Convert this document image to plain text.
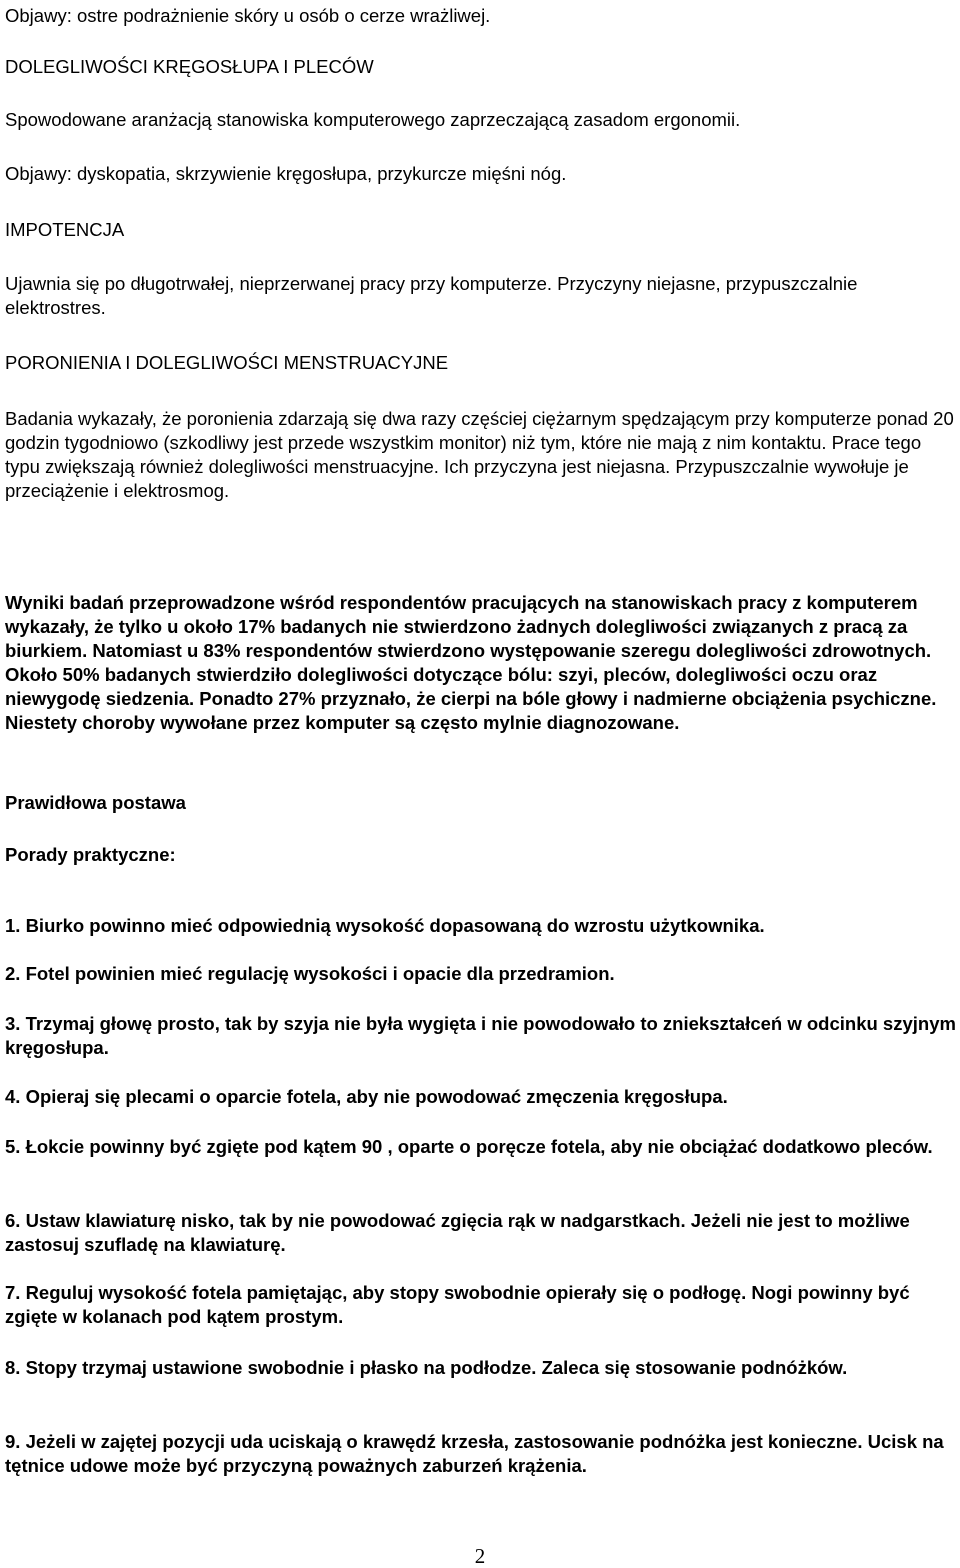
Objawy: ostre podrażnienie skóry u osób o cerze wrażliwej.

DOLEGLIWOŚCI KRĘGOSŁUPA I PLECÓW

Spowodowane aranżacją stanowiska komputerowego zaprzeczającą zasadom ergonomii.

Objawy: dyskopatia, skrzywienie kręgosłupa, przykurcze mięśni nóg.

IMPOTENCJA

Ujawnia się po długotrwałej, nieprzerwanej pracy przy komputerze. Przyczyny niejasne, przypuszczalnie elektrostres.

PORONIENIA I DOLEGLIWOŚCI MENSTRUACYJNE

Badania wykazały, że poronienia zdarzają się dwa razy częściej ciężarnym spędzającym przy komputerze ponad 20 godzin tygodniowo (szkodliwy jest przede wszystkim monitor) niż tym, które nie mają z nim kontaktu. Prace tego typu zwiększają również dolegliwości menstruacyjne. Ich przyczyna jest niejasna. Przypuszczalnie wywołuje je przeciążenie i elektrosmog.

Wyniki badań przeprowadzone wśród respondentów pracujących na stanowiskach pracy z komputerem wykazały, że tylko u około 17% badanych nie stwierdzono żadnych dolegliwości związanych z pracą za biurkiem. Natomiast u 83% respondentów stwierdzono występowanie szeregu dolegliwości zdrowotnych. Około 50% badanych stwierdziło dolegliwości dotyczące bólu: szyi, pleców, dolegliwości oczu oraz niewygodę siedzenia. Ponadto 27% przyznało, że cierpi na bóle głowy i nadmierne obciążenia psychiczne. Niestety choroby wywołane przez komputer są często mylnie diagnozowane.

Prawidłowa postawa

Porady praktyczne:

1. Biurko powinno mieć odpowiednią wysokość dopasowaną do wzrostu użytkownika.

2. Fotel powinien mieć regulację wysokości i opacie dla przedramion.

3. Trzymaj głowę prosto, tak by szyja nie była wygięta i nie powodowało to zniekształceń w odcinku szyjnym kręgosłupa.

4. Opieraj się plecami o oparcie fotela, aby nie powodować zmęczenia kręgosłupa.

5. Łokcie powinny być zgięte pod kątem 90 , oparte o poręcze fotela, aby nie obciążać dodatkowo pleców.

6. Ustaw klawiaturę nisko, tak by nie powodować zgięcia rąk w nadgarstkach. Jeżeli nie jest to możliwe zastosuj szufladę na klawiaturę.

7. Reguluj wysokość fotela pamiętając, aby stopy swobodnie opierały się o podłogę. Nogi powinny być zgięte w kolanach pod kątem prostym.

8. Stopy trzymaj ustawione swobodnie i płasko na podłodze. Zaleca się stosowanie podnóżków.

9. Jeżeli w zajętej pozycji uda uciskają o krawędź krzesła, zastosowanie podnóżka jest konieczne. Ucisk na tętnice udowe może być przyczyną poważnych zaburzeń krążenia.

2
